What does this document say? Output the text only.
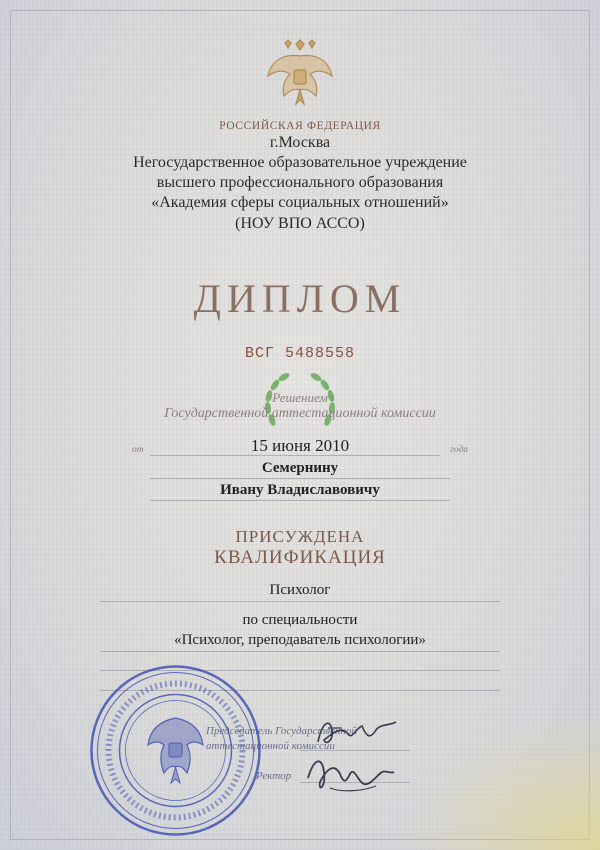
РОССИЙСКАЯ ФЕДЕРАЦИЯ
г.Москва
Негосударственное образовательное учреждение
высшего профессионального образования
«Академия сферы социальных отношений»
(НОУ ВПО АССО)
ДИПЛОМ
ВСГ 5488558
Решением
Государственной аттестационной комиссии
от	15 июня 2010	года
Семернину
Ивану Владиславовичу
ПРИСУЖДЕНА
КВАЛИФИКАЦИЯ
Психолог
по специальности
«Психолог, преподаватель психологии»
Председатель Государственной
аттестационной комиссии
Ректор
